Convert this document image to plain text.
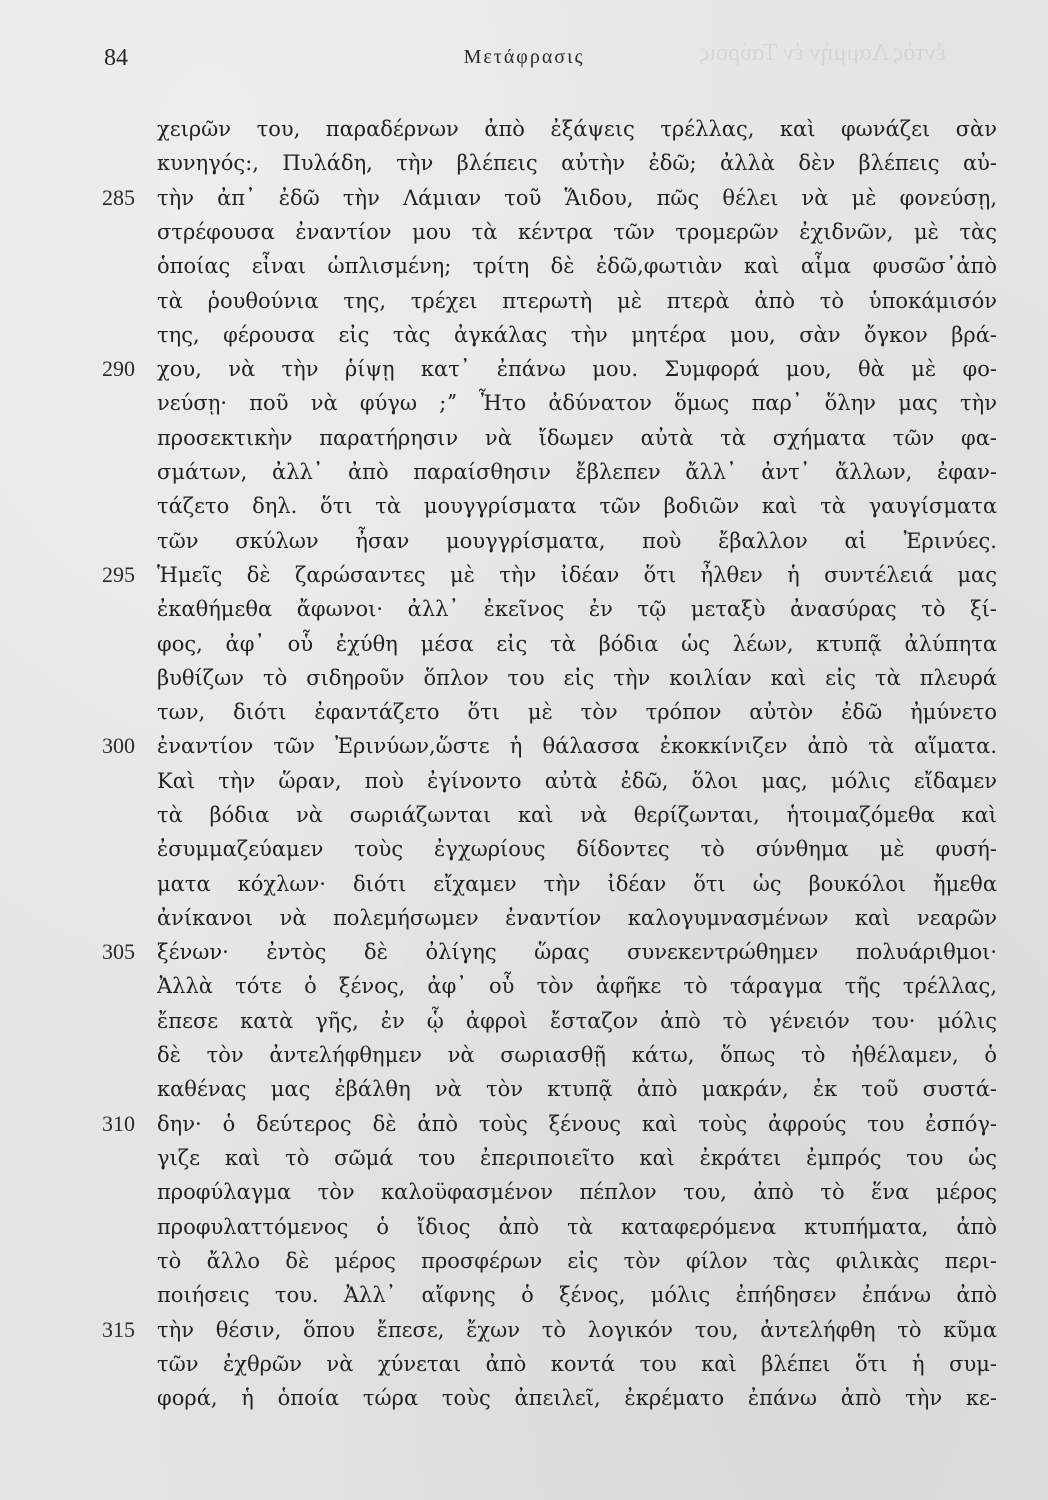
ἐντὸς Λαμμὴν ἐν Ταύροις
84	Μετάφρασις
χειρῶν του, παραδέρνων ἀπὸ ἐξάψεις τρέλλας, καὶ φωνάζει σὰν
κυνηγός:, Πυλάδη, τὴν βλέπεις αὐτὴν ἐδῶ; ἀλλὰ δὲν βλέπεις αὐ-
τὴν ἀπ᾽ ἐδῶ τὴν Λάμιαν τοῦ Ἅιδου, πῶς θέλει νὰ μὲ φονεύσῃ,
285
στρέφουσα ἐναντίον μου τὰ κέντρα τῶν τρομερῶν ἐχιδνῶν, μὲ τὰς
ὁποίας εἶναι ὡπλισμένη; τρίτη δὲ ἐδῶ,φωτιὰν καὶ αἷμα φυσῶσ᾽ἀπὸ
τὰ ῥουθούνια της, τρέχει πτερωτὴ μὲ πτερὰ ἀπὸ τὸ ὑποκάμισόν
της, φέρουσα εἰς τὰς ἀγκάλας τὴν μητέρα μου, σὰν ὄγκον βρά-
χου, νὰ τὴν ῥίψῃ κατ᾽ ἐπάνω μου. Συμφορά μου, θὰ μὲ φο-
290
νεύσῃ· ποῦ νὰ φύγω ;ˮ Ἦτο ἀδύνατον ὅμως παρ᾽ ὅλην μας τὴν
προσεκτικὴν παρατήρησιν νὰ ἴδωμεν αὐτὰ τὰ σχήματα τῶν φα-
σμάτων, ἀλλ᾽ ἀπὸ παραίσθησιν ἔβλεπεν ἄλλ᾽ ἀντ᾽ ἄλλων, ἐφαν-
τάζετο δηλ. ὅτι τὰ μουγγρίσματα τῶν βοδιῶν καὶ τὰ γαυγίσματα
τῶν σκύλων ἦσαν μουγγρίσματα, ποὺ ἔβαλλον αἱ Ἐρινύες.
Ἡμεῖς δὲ ζαρώσαντες μὲ τὴν ἰδέαν ὅτι ἦλθεν ἡ συντέλειά μας
295
ἐκαθήμεθα ἄφωνοι· ἀλλ᾽ ἐκεῖνος ἐν τῷ μεταξὺ ἀνασύρας τὸ ξί-
φος, ἀφ᾽ οὗ ἐχύθη μέσα εἰς τὰ βόδια ὡς λέων, κτυπᾷ ἀλύπητα
βυθίζων τὸ σιδηροῦν ὅπλον του εἰς τὴν κοιλίαν καὶ εἰς τὰ πλευρά
των, διότι ἐφαντάζετο ὅτι μὲ τὸν τρόπον αὐτὸν ἐδῶ ἠμύνετο
ἐναντίον τῶν Ἐρινύων,ὥστε ἡ θάλασσα ἐκοκκίνιζεν ἀπὸ τὰ αἵματα.
300
Καὶ τὴν ὥραν, ποὺ ἐγίνοντο αὐτὰ ἐδῶ, ὅλοι μας, μόλις εἴδαμεν
τὰ βόδια νὰ σωριάζωνται καὶ νὰ θερίζωνται, ἡτοιμαζόμεθα καὶ
ἐσυμμαζεύαμεν τοὺς ἐγχωρίους δίδοντες τὸ σύνθημα μὲ φυσή-
ματα κόχλων· διότι εἴχαμεν τὴν ἰδέαν ὅτι ὡς βουκόλοι ἤμεθα
ἀνίκανοι νὰ πολεμήσωμεν ἐναντίον καλογυμνασμένων καὶ νεαρῶν
ξένων· ἐντὸς δὲ ὀλίγης ὥρας συνεκεντρώθημεν πολυάριθμοι·
305
Ἀλλὰ τότε ὁ ξένος, ἀφ᾽ οὗ τὸν ἀφῆκε τὸ τάραγμα τῆς τρέλλας,
ἔπεσε κατὰ γῆς, ἐν ᾧ ἀφροὶ ἔσταζον ἀπὸ τὸ γένειόν του· μόλις
δὲ τὸν ἀντελήφθημεν νὰ σωριασθῇ κάτω, ὅπως τὸ ἠθέλαμεν, ὁ
καθένας μας ἐβάλθη νὰ τὸν κτυπᾷ ἀπὸ μακράν, ἐκ τοῦ συστά-
δην· ὁ δεύτερος δὲ ἀπὸ τοὺς ξένους καὶ τοὺς ἀφρούς του ἐσπόγ-
310
γιζε καὶ τὸ σῶμά του ἐπεριποιεῖτο καὶ ἐκράτει ἐμπρός του ὡς
προφύλαγμα τὸν καλοϋφασμένον πέπλον του, ἀπὸ τὸ ἕνα μέρος
προφυλαττόμενος ὁ ἴδιος ἀπὸ τὰ καταφερόμενα κτυπήματα, ἀπὸ
τὸ ἄλλο δὲ μέρος προσφέρων εἰς τὸν φίλον τὰς φιλικὰς περι-
ποιήσεις του. Ἀλλ᾽ αἴφνης ὁ ξένος, μόλις ἐπήδησεν ἐπάνω ἀπὸ
τὴν θέσιν, ὅπου ἔπεσε, ἔχων τὸ λογικόν του, ἀντελήφθη τὸ κῦμα
315
τῶν ἐχθρῶν νὰ χύνεται ἀπὸ κοντά του καὶ βλέπει ὅτι ἡ συμ-
φορά, ἡ ὁποία τώρα τοὺς ἀπειλεῖ, ἐκρέματο ἐπάνω ἀπὸ τὴν κε-
